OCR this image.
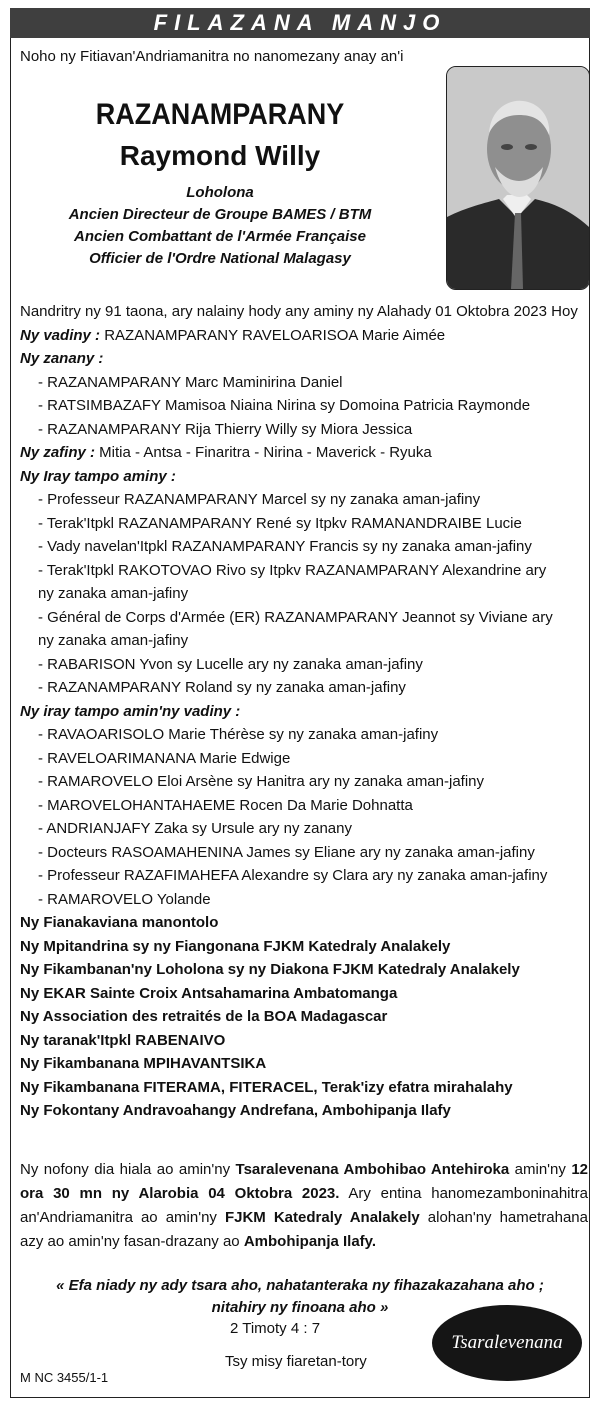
FILAZANA MANJO
Noho ny Fitiavan'Andriamanitra no nanomezany anay an'i
RAZANAMPARANY
Raymond Willy
Loholona
Ancien Directeur de Groupe BAMES / BTM
Ancien Combattant de l'Armée Française
Officier de l'Ordre National Malagasy
Nandritry ny 91 taona, ary nalainy hody any aminy ny Alahady 01 Oktobra 2023 Hoy
Ny vadiny : RAZANAMPARANY RAVELOARISOA Marie Aimée
Ny zanany :
- RAZANAMPARANY Marc Maminirina Daniel
- RATSIMBAZAFY Mamisoa Niaina Nirina sy Domoina Patricia Raymonde
- RAZANAMPARANY Rija Thierry Willy sy Miora Jessica
Ny zafiny : Mitia - Antsa - Finaritra - Nirina - Maverick - Ryuka
Ny Iray tampo aminy :
- Professeur RAZANAMPARANY Marcel sy ny zanaka aman-jafiny
- Terak'Itpkl RAZANAMPARANY René sy Itpkv RAMANANDRAIBE Lucie
- Vady navelan'Itpkl RAZANAMPARANY Francis sy ny zanaka aman-jafiny
- Terak'Itpkl RAKOTOVAO Rivo sy Itpkv RAZANAMPARANY Alexandrine ary
ny zanaka aman-jafiny
- Général de Corps d'Armée (ER) RAZANAMPARANY Jeannot sy Viviane ary
ny zanaka aman-jafiny
- RABARISON Yvon sy Lucelle ary ny zanaka aman-jafiny
- RAZANAMPARANY Roland sy ny zanaka aman-jafiny
Ny iray tampo amin'ny vadiny :
- RAVAOARISOLO Marie Thérèse sy ny zanaka aman-jafiny
- RAVELOARIMANANA Marie Edwige
- RAMAROVELO Eloi Arsène sy Hanitra ary ny zanaka aman-jafiny
- MAROVELOHANTAHAEME Rocen Da Marie Dohnatta
- ANDRIANJAFY Zaka sy Ursule ary ny zanany
- Docteurs RASOAMAHENINA James sy Eliane ary ny zanaka aman-jafiny
- Professeur RAZAFIMAHEFA Alexandre sy Clara ary ny zanaka aman-jafiny
- RAMAROVELO Yolande
Ny Fianakaviana manontolo
Ny Mpitandrina sy ny Fiangonana FJKM Katedraly Analakely
Ny Fikambanan'ny Loholona sy ny Diakona FJKM Katedraly Analakely
Ny EKAR Sainte Croix Antsahamarina Ambatomanga
Ny Association des retraités de la BOA Madagascar
Ny taranak'Itpkl RABENAIVO
Ny Fikambanana MPIHAVANTSIKA
Ny Fikambanana FITERAMA, FITERACEL, Terak'izy efatra mirahalahy
Ny Fokontany Andravoahangy Andrefana, Ambohipanja Ilafy
Ny nofony dia hiala ao amin'ny Tsaralevenana Ambohibao Antehiroka amin'ny 12 ora 30 mn ny Alarobia 04 Oktobra 2023. Ary entina hanomezamboninahitra an'Andriamanitra ao amin'ny FJKM Katedraly Analakely alohan'ny hametrahana azy ao amin'ny fasan-drazany ao Ambohipanja Ilafy.
« Efa niady ny ady tsara aho, nahatanteraka ny fihazakazahana aho ;
nitahiry ny finoana aho »
2 Timoty 4 : 7
Tsy misy fiaretan-tory
M NC 3455/1-1
Tsaralevenana
